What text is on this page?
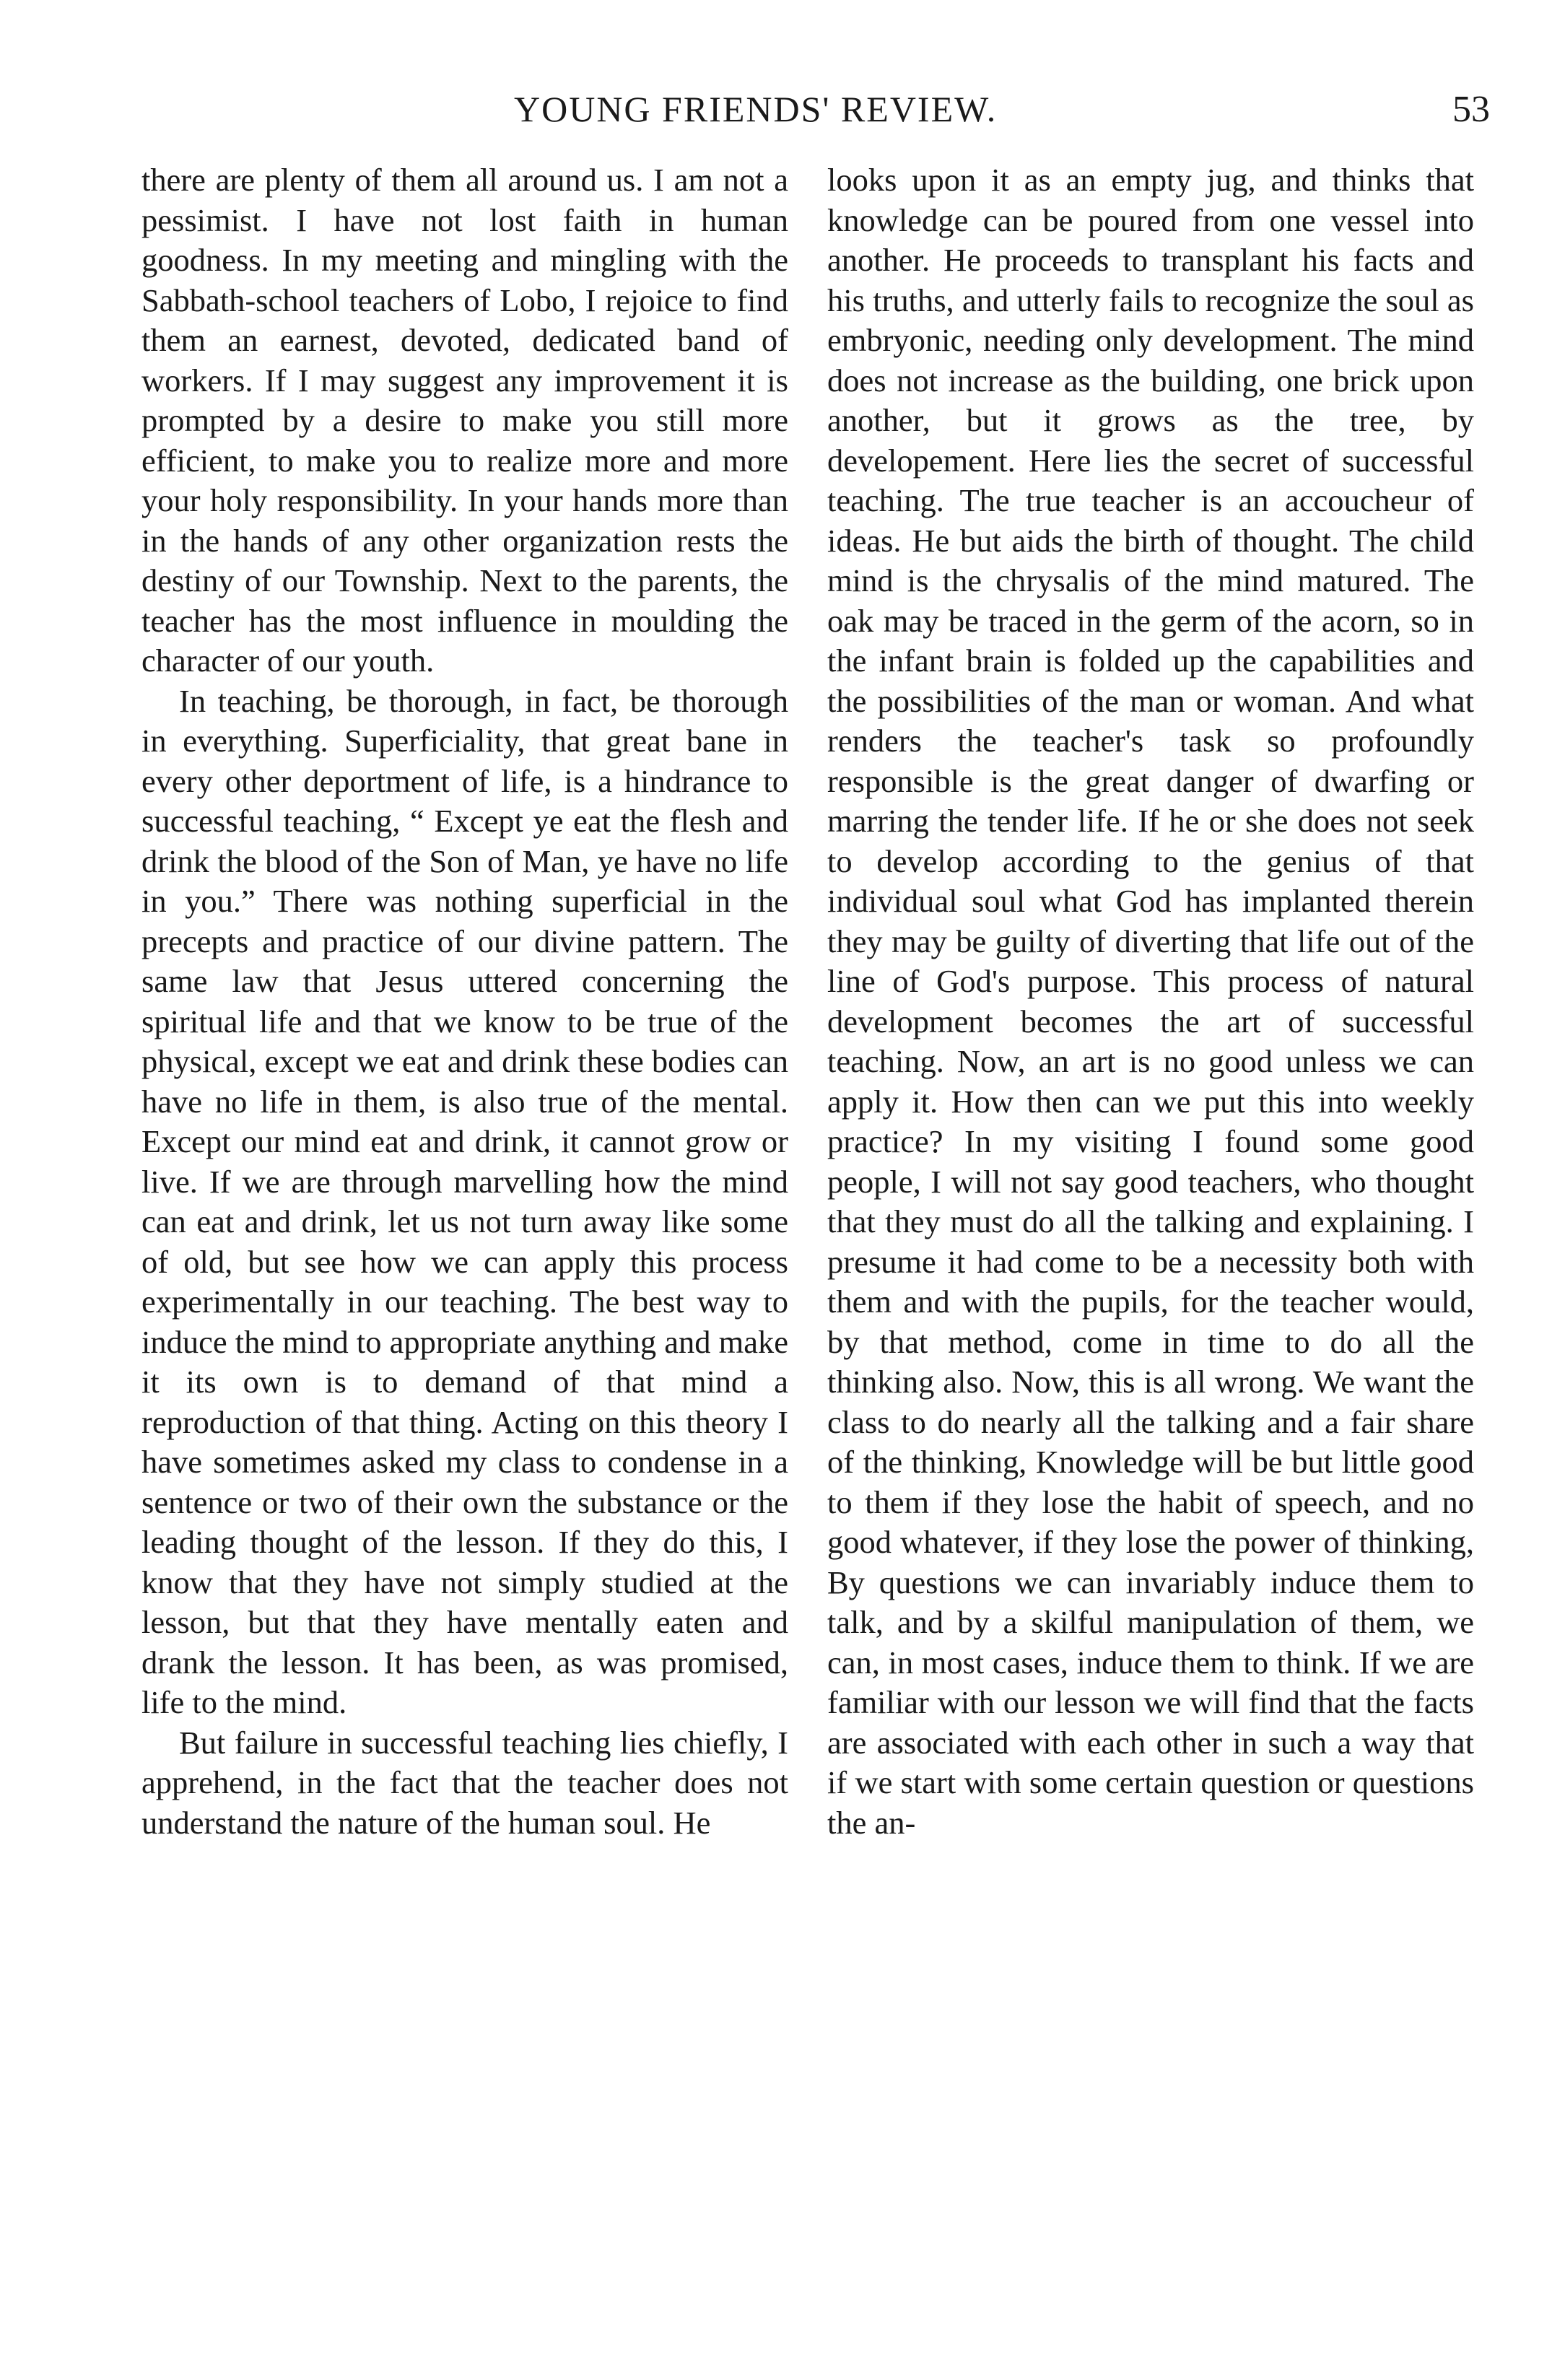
YOUNG FRIENDS' REVIEW.	53

there are plenty of them all around us. I am not a pessimist. I have not lost faith in human goodness. In my meeting and mingling with the Sabbath-school teachers of Lobo, I rejoice to find them an earnest, devoted, dedicated band of workers. If I may suggest any improvement it is prompted by a desire to make you still more efficient, to make you to realize more and more your holy responsibility. In your hands more than in the hands of any other organization rests the destiny of our Township. Next to the parents, the teacher has the most influence in moulding the character of our youth.

In teaching, be thorough, in fact, be thorough in everything. Superficiality, that great bane in every other deportment of life, is a hindrance to successful teaching, “ Except ye eat the flesh and drink the blood of the Son of Man, ye have no life in you.” There was nothing superficial in the precepts and practice of our divine pattern. The same law that Jesus uttered concerning the spiritual life and that we know to be true of the physical, except we eat and drink these bodies can have no life in them, is also true of the mental. Except our mind eat and drink, it cannot grow or live. If we are through marvelling how the mind can eat and drink, let us not turn away like some of old, but see how we can apply this process experimentally in our teaching. The best way to induce the mind to appropriate anything and make it its own is to demand of that mind a reproduction of that thing. Acting on this theory I have sometimes asked my class to condense in a sentence or two of their own the substance or the leading thought of the lesson. If they do this, I know that they have not simply studied at the lesson, but that they have mentally eaten and drank the lesson. It has been, as was promised, life to the mind.

But failure in successful teaching lies chiefly, I apprehend, in the fact that the teacher does not understand the nature of the human soul. He

looks upon it as an empty jug, and thinks that knowledge can be poured from one vessel into another. He proceeds to transplant his facts and his truths, and utterly fails to recognize the soul as embryonic, needing only development. The mind does not increase as the building, one brick upon another, but it grows as the tree, by developement. Here lies the secret of successful teaching. The true teacher is an accoucheur of ideas. He but aids the birth of thought. The child mind is the chrysalis of the mind matured. The oak may be traced in the germ of the acorn, so in the infant brain is folded up the capabilities and the possibilities of the man or woman. And what renders the teacher's task so profoundly responsible is the great danger of dwarfing or marring the tender life. If he or she does not seek to develop according to the genius of that individual soul what God has implanted therein they may be guilty of diverting that life out of the line of God's purpose. This process of natural development becomes the art of successful teaching. Now, an art is no good unless we can apply it. How then can we put this into weekly practice? In my visiting I found some good people, I will not say good teachers, who thought that they must do all the talking and explaining. I presume it had come to be a necessity both with them and with the pupils, for the teacher would, by that method, come in time to do all the thinking also. Now, this is all wrong. We want the class to do nearly all the talking and a fair share of the thinking, Knowledge will be but little good to them if they lose the habit of speech, and no good whatever, if they lose the power of thinking, By questions we can invariably induce them to talk, and by a skilful manipulation of them, we can, in most cases, induce them to think. If we are familiar with our lesson we will find that the facts are associated with each other in such a way that if we start with some certain question or questions the an-
